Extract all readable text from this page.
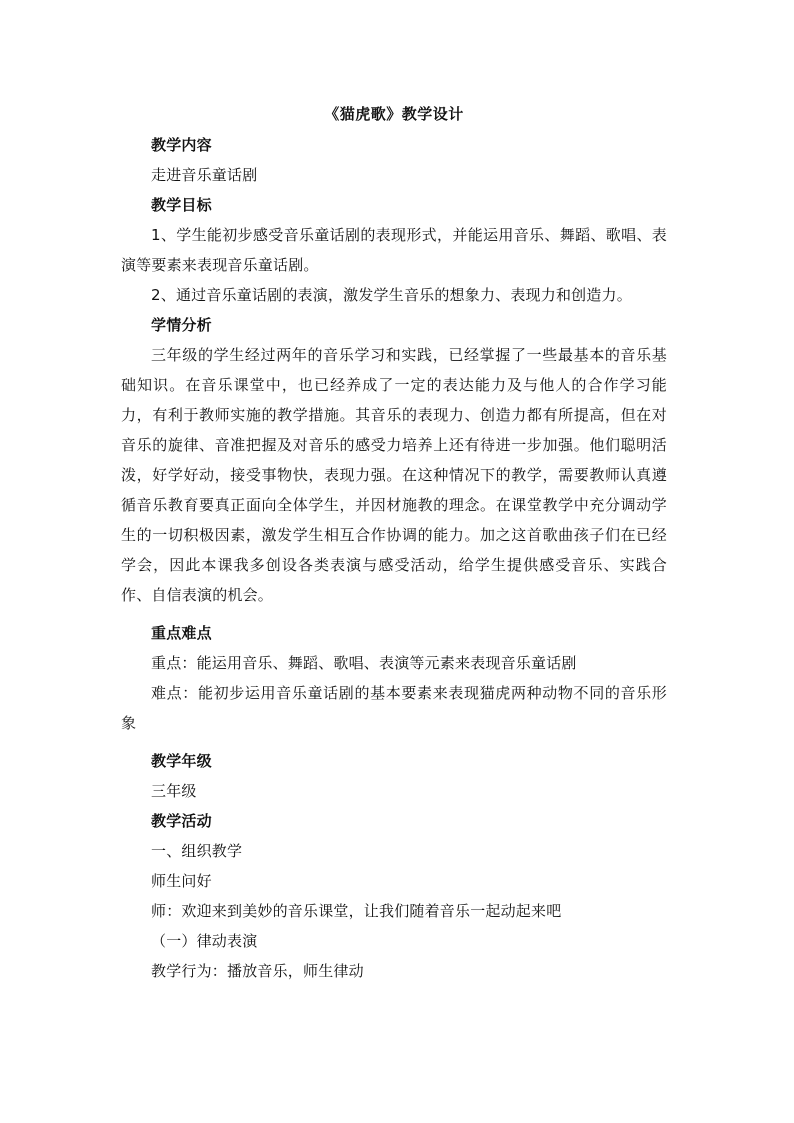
《猫虎歌》教学设计

教学内容

走进音乐童话剧

教学目标

1、学生能初步感受音乐童话剧的表现形式，并能运用音乐、舞蹈、歌唱、表演等要素来表现音乐童话剧。

2、通过音乐童话剧的表演，激发学生音乐的想象力、表现力和创造力。

学情分析

三年级的学生经过两年的音乐学习和实践，已经掌握了一些最基本的音乐基础知识。在音乐课堂中，也已经养成了一定的表达能力及与他人的合作学习能力，有利于教师实施的教学措施。其音乐的表现力、创造力都有所提高，但在对音乐的旋律、音准把握及对音乐的感受力培养上还有待进一步加强。他们聪明活泼，好学好动，接受事物快，表现力强。在这种情况下的教学，需要教师认真遵循音乐教育要真正面向全体学生，并因材施教的理念。在课堂教学中充分调动学生的一切积极因素，激发学生相互合作协调的能力。加之这首歌曲孩子们在已经学会，因此本课我多创设各类表演与感受活动，给学生提供感受音乐、实践合作、自信表演的机会。

重点难点

重点：能运用音乐、舞蹈、歌唱、表演等元素来表现音乐童话剧

难点：能初步运用音乐童话剧的基本要素来表现猫虎两种动物不同的音乐形象

教学年级

三年级

教学活动

一、组织教学

师生问好

师：欢迎来到美妙的音乐课堂，让我们随着音乐一起动起来吧

（一）律动表演

教学行为：播放音乐，师生律动
